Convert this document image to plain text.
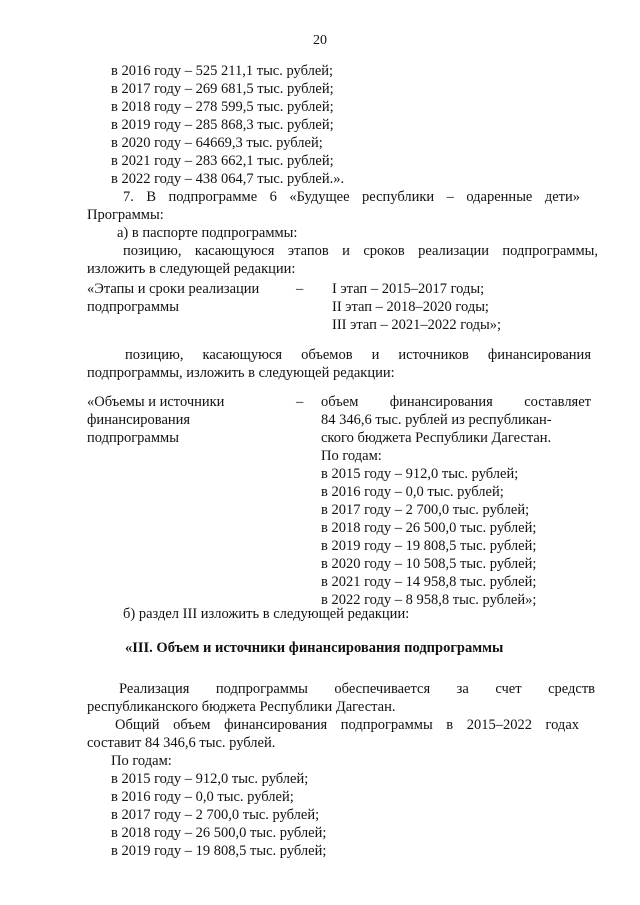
20
в 2016 году – 525 211,1 тыс. рублей;
в 2017 году – 269 681,5 тыс. рублей;
в 2018 году – 278 599,5 тыс. рублей;
в 2019 году – 285 868,3 тыс. рублей;
в 2020 году – 64669,3 тыс. рублей;
в 2021 году – 283 662,1 тыс. рублей;
в 2022 году – 438 064,7 тыс. рублей.».
7. В подпрограмме 6 «Будущее республики – одаренные дети»
Программы:
а) в паспорте подпрограммы:
позицию, касающуюся этапов и сроков реализации подпрограммы,
изложить в следующей редакции:
«Этапы и сроки реализации
подпрограммы
– I этап – 2015–2017 годы;
II этап – 2018–2020 годы;
III этап – 2021–2022 годы»;
позицию, касающуюся объемов и источников финансирования
подпрограммы, изложить в следующей редакции:
«Объемы и источники
финансирования
подпрограммы
– объем финансирования составляет
84 346,6 тыс. рублей из республикан-
ского бюджета Республики Дагестан.
По годам:
в 2015 году – 912,0 тыс. рублей;
в 2016 году – 0,0 тыс. рублей;
в 2017 году – 2 700,0 тыс. рублей;
в 2018 году – 26 500,0 тыс. рублей;
в 2019 году – 19 808,5 тыс. рублей;
в 2020 году – 10 508,5 тыс. рублей;
в 2021 году – 14 958,8 тыс. рублей;
в 2022 году – 8 958,8 тыс. рублей»;
б) раздел III изложить в следующей редакции:
«III. Объем и источники финансирования подпрограммы
Реализация подпрограммы обеспечивается за счет средств
республиканского бюджета Республики Дагестан.
Общий объем финансирования подпрограммы в 2015–2022 годах
составит 84 346,6 тыс. рублей.
По годам:
в 2015 году – 912,0 тыс. рублей;
в 2016 году – 0,0 тыс. рублей;
в 2017 году – 2 700,0 тыс. рублей;
в 2018 году – 26 500,0 тыс. рублей;
в 2019 году – 19 808,5 тыс. рублей;
